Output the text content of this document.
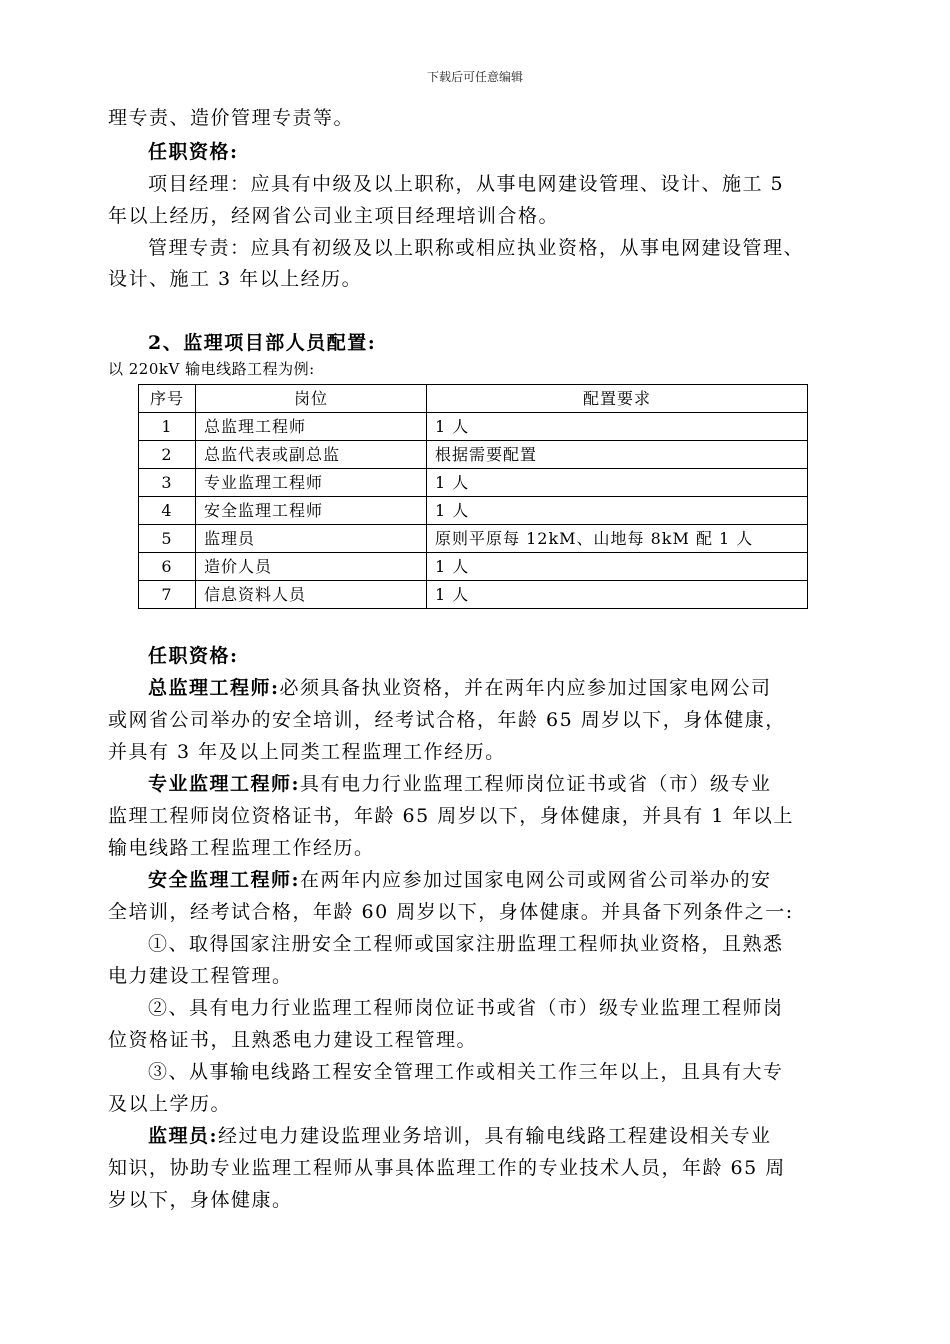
下载后可任意编辑
理专责、造价管理专责等。
任职资格:
项目经理：应具有中级及以上职称，从事电网建设管理、设计、施工 5
年以上经历，经网省公司业主项目经理培训合格。
管理专责：应具有初级及以上职称或相应执业资格，从事电网建设管理、
设计、施工 3 年以上经历。
2、监理项目部人员配置:
以 220kV 输电线路工程为例:
序号	岗位	配置要求
1	总监理工程师	1 人
2	总监代表或副总监	根据需要配置
3	专业监理工程师	1 人
4	安全监理工程师	1 人
5	监理员	原则平原每 12kM、山地每 8kM 配 1 人
6	造价人员	1 人
7	信息资料人员	1 人
任职资格:
总监理工程师:必须具备执业资格，并在两年内应参加过国家电网公司
或网省公司举办的安全培训，经考试合格，年龄 65 周岁以下，身体健康，
并具有 3 年及以上同类工程监理工作经历。
专业监理工程师:具有电力行业监理工程师岗位证书或省（市）级专业
监理工程师岗位资格证书，年龄 65 周岁以下，身体健康，并具有 1 年以上
输电线路工程监理工作经历。
安全监理工程师:在两年内应参加过国家电网公司或网省公司举办的安
全培训，经考试合格，年龄 60 周岁以下，身体健康。并具备下列条件之一:
①、取得国家注册安全工程师或国家注册监理工程师执业资格，且熟悉
电力建设工程管理。
②、具有电力行业监理工程师岗位证书或省（市）级专业监理工程师岗
位资格证书，且熟悉电力建设工程管理。
③、从事输电线路工程安全管理工作或相关工作三年以上，且具有大专
及以上学历。
监理员:经过电力建设监理业务培训，具有输电线路工程建设相关专业
知识，协助专业监理工程师从事具体监理工作的专业技术人员，年龄 65 周
岁以下，身体健康。
